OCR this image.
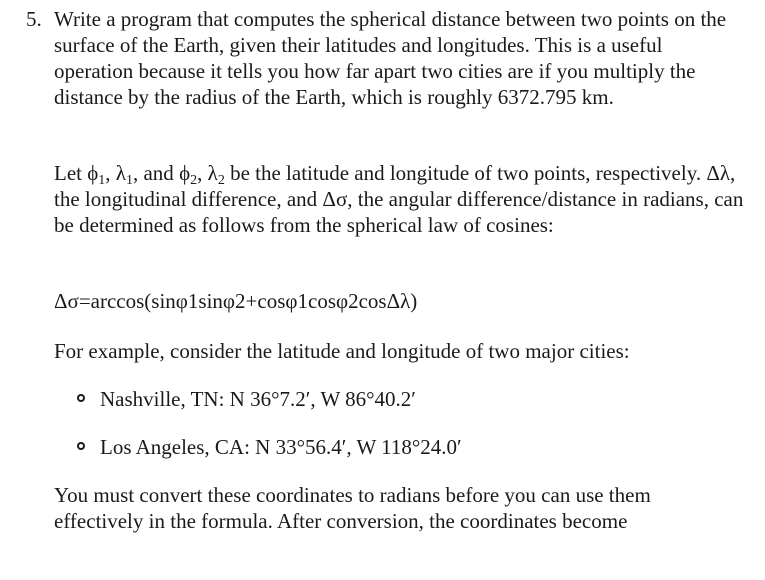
5. Write a program that computes the spherical distance between two points on the surface of the Earth, given their latitudes and longitudes. This is a useful operation because it tells you how far apart two cities are if you multiply the distance by the radius of the Earth, which is roughly 6372.795 km.

Let $\phi_1$, $\lambda_1$, and $\phi_2$, $\lambda_2$ be the latitude and longitude of two points, respectively. Δλ, the longitudinal difference, and Δσ, the angular difference/distance in radians, can be determined as follows from the spherical law of cosines:

Δσ=arccos(sinφ1sinφ2+cosφ1cosφ2cosΔλ)

For example, consider the latitude and longitude of two major cities:

Nashville, TN: N 36°7.2′, W 86°40.2′
Los Angeles, CA: N 33°56.4′, W 118°24.0′

You must convert these coordinates to radians before you can use them effectively in the formula. After conversion, the coordinates become
